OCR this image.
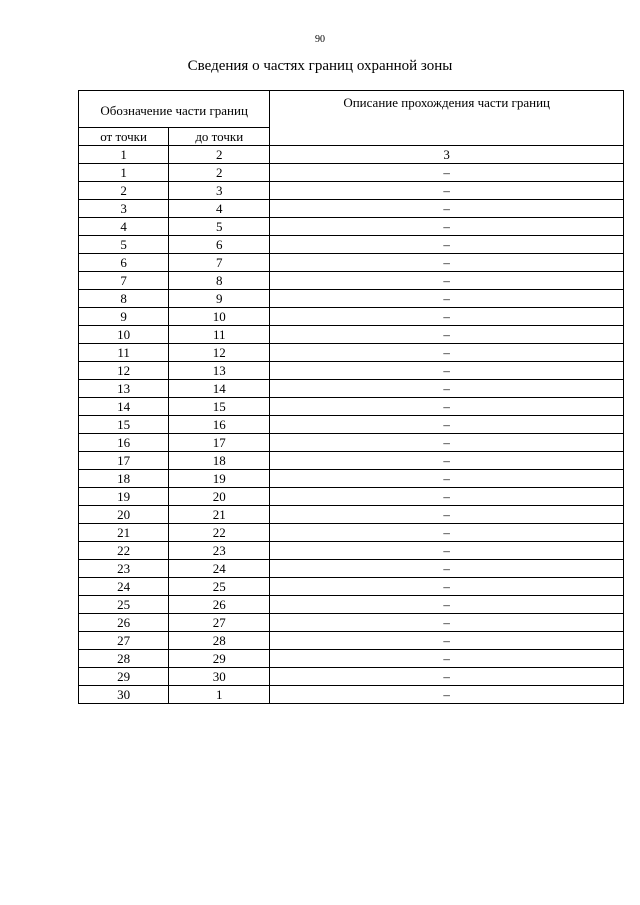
90
Сведения о частях границ охранной зоны
Обозначение части границ		Описание прохождения части границ

от точки	до точки	
1	2	3
1	2	–
2	3	–
3	4	–
4	5	–
5	6	–
6	7	–
7	8	–
8	9	–
9	10	–
10	11	–
11	12	–
12	13	–
13	14	–
14	15	–
15	16	–
16	17	–
17	18	–
18	19	–
19	20	–
20	21	–
21	22	–
22	23	–
23	24	–
24	25	–
25	26	–
26	27	–
27	28	–
28	29	–
29	30	–
30	1	–
